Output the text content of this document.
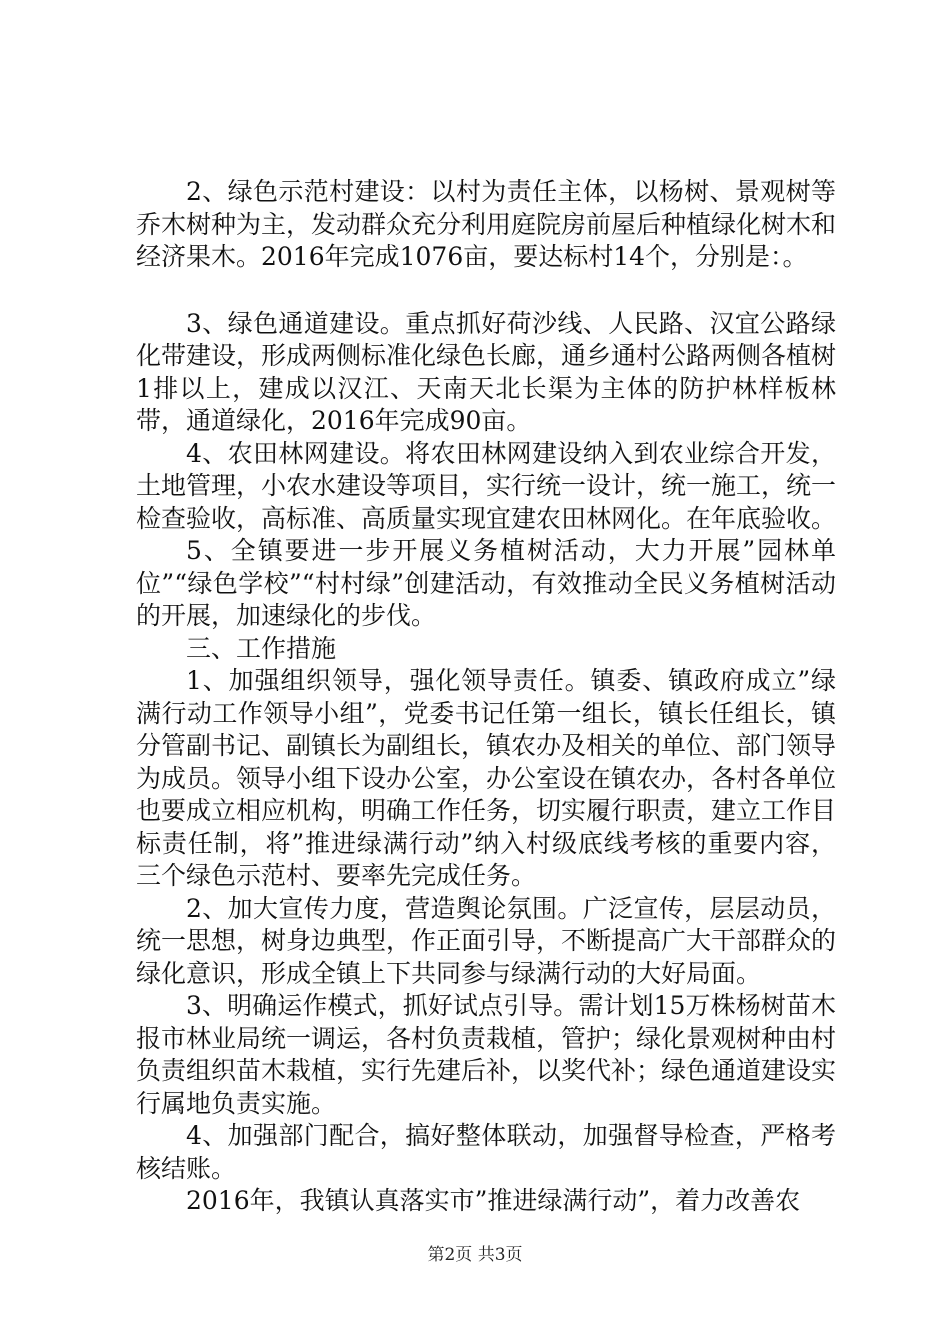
2、绿色示范村建设：以村为责任主体，以杨树、景观树等乔木树种为主，发动群众充分利用庭院房前屋后种植绿化树木和经济果木。2016年完成1076亩，要达标村14个，分别是：。

3、绿色通道建设。重点抓好荷沙线、人民路、汉宜公路绿化带建设，形成两侧标准化绿色长廊，通乡通村公路两侧各植树1排以上，建成以汉江、天南天北长渠为主体的防护林样板林带，通道绿化，2016年完成90亩。

4、农田林网建设。将农田林网建设纳入到农业综合开发，土地管理，小农水建设等项目，实行统一设计，统一施工，统一检查验收，高标准、高质量实现宜建农田林网化。在年底验收。

5、全镇要进一步开展义务植树活动，大力开展”园林单位”“绿色学校”“村村绿”创建活动，有效推动全民义务植树活动的开展，加速绿化的步伐。

三、工作措施

1、加强组织领导，强化领导责任。镇委、镇政府成立”绿满行动工作领导小组”，党委书记任第一组长，镇长任组长，镇分管副书记、副镇长为副组长，镇农办及相关的单位、部门领导为成员。领导小组下设办公室，办公室设在镇农办，各村各单位也要成立相应机构，明确工作任务，切实履行职责，建立工作目标责任制，将”推进绿满行动”纳入村级底线考核的重要内容，三个绿色示范村、要率先完成任务。

2、加大宣传力度，营造舆论氛围。广泛宣传，层层动员，统一思想，树身边典型，作正面引导，不断提高广大干部群众的绿化意识，形成全镇上下共同参与绿满行动的大好局面。

3、明确运作模式，抓好试点引导。需计划15万株杨树苗木报市林业局统一调运，各村负责栽植，管护；绿化景观树种由村负责组织苗木栽植，实行先建后补，以奖代补；绿色通道建设实行属地负责实施。

4、加强部门配合，搞好整体联动，加强督导检查，严格考核结账。

2016年，我镇认真落实市”推进绿满行动”，着力改善农

第2页 共3页
